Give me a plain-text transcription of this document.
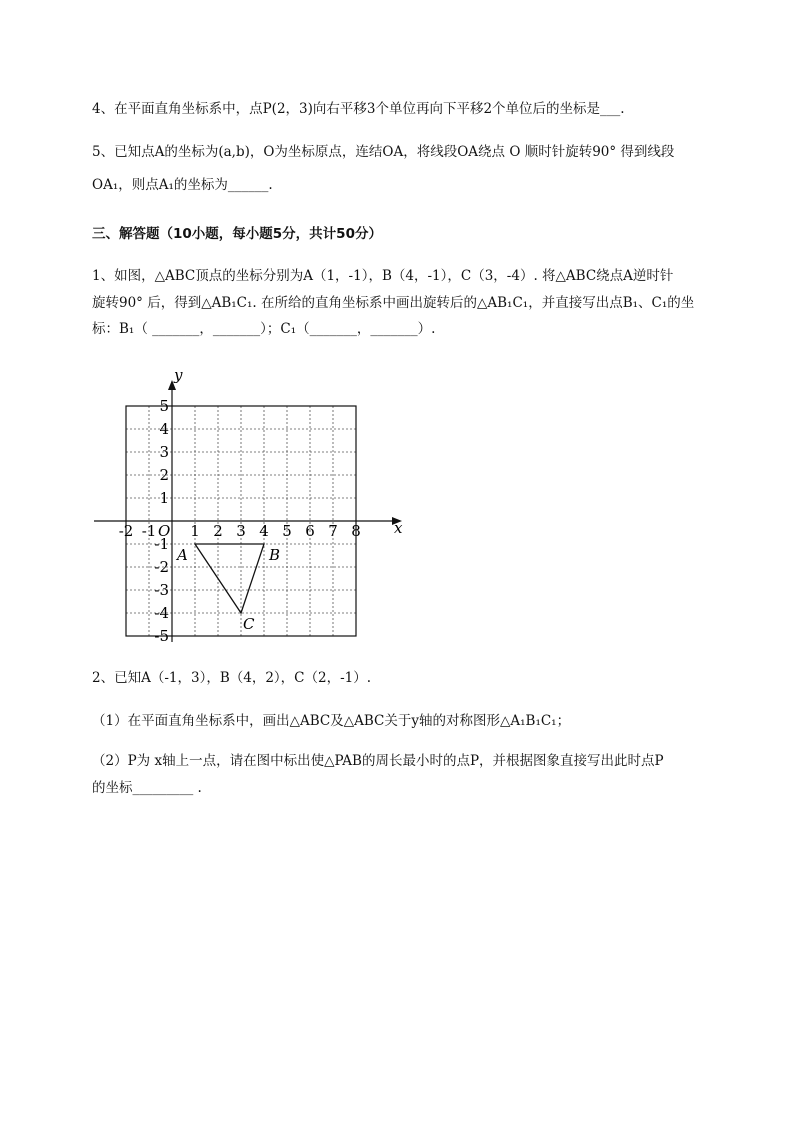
4、在平面直角坐标系中，点P(2，3)向右平移3个单位再向下平移2个单位后的坐标是___.
5、已知点A的坐标为(a,b)，O为坐标原点，连结OA，将线段OA绕点 O 顺时针旋转90° 得到线段
OA₁，则点A₁的坐标为______.
三、解答题（10小题，每小题5分，共计50分）
1、如图，△ABC顶点的坐标分别为A（1，-1），B（4，-1），C（3，-4）. 将△ABC绕点A逆时针
旋转90° 后，得到△AB₁C₁. 在所给的直角坐标系中画出旋转后的△AB₁C₁，并直接写出点B₁、C₁的坐
标：B₁（ _______，_______）；C₁（_______，_______）.
x
y
O
-2 -1 1 2 3 4 5 6 7 8
5
4
3
2
1
-1
-2
-3
-4
-5
A	B
C
2、已知A（-1，3），B（4，2），C（2，-1）.
（1）在平面直角坐标系中，画出△ABC及△ABC关于y轴的对称图形△A₁B₁C₁；
（2）P为 x轴上一点，请在图中标出使△PAB的周长最小时的点P，并根据图象直接写出此时点P
的坐标_________ .
